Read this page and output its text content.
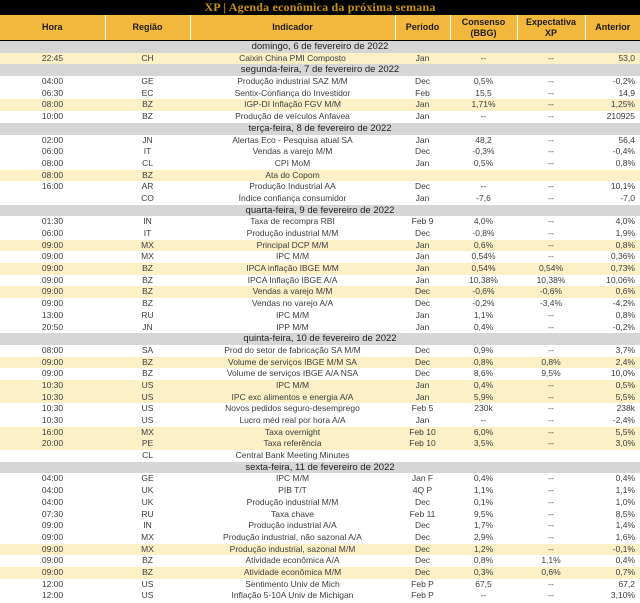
XP | Agenda econômica da próxima semana
Hora	Região	Indicador	Período	Consenso (BBG)	Expectativa XP	Anterior
domingo, 6 de fevereiro de 2022						
22:45	CH	Caixin China PMI Composto	Jan	--	--	53,0
segunda-feira, 7 de fevereiro de 2022						
04:00	GE	Produção industrial SAZ M/M	Dec	0,5%	--	-0,2%
06:30	EC	Sentix-Confiança do Investidor	Feb	15,5	--	14,9
08:00	BZ	IGP-DI Inflação FGV M/M	Jan	1,71%	--	1,25%
10:00	BZ	Produção de veículos Anfavea	Jan	--	--	210925
terça-feira, 8 de fevereiro de 2022						
02:00	JN	Alertas Eco - Pesquisa atual SA	Jan	48,2	--	56,4
06:00	IT	Vendas a varejo M/M	Dec	-0,3%	--	-0,4%
08:00	CL	CPI MoM	Jan	0,5%	--	0,8%
08:00	BZ	Ata do Copom				
16:00	AR	Produção Industrial AA	Dec	--	--	10,1%
	CO	Índice confiança consumidor	Jan	-7,6	--	-7,0
quarta-feira, 9 de fevereiro de 2022						
01:30	IN	Taxa de recompra RBI	Feb 9	4,0%	--	4,0%
06:00	IT	Produção industrial M/M	Dec	-0,8%	--	1,9%
09:00	MX	Principal DCP M/M	Jan	0,6%	--	0,8%
09:00	MX	IPC M/M	Jan	0,54%	--	0,36%
09:00	BZ	IPCA inflação IBGE M/M	Jan	0,54%	0,54%	0,73%
09:00	BZ	IPCA Inflação IBGE A/A	Jan	10,38%	10,38%	10,06%
09:00	BZ	Vendas a varejo M/M	Dec	-0,6%	-0,6%	0,6%
09:00	BZ	Vendas no varejo A/A	Dec	-0,2%	-3,4%	-4,2%
13:00	RU	IPC M/M	Jan	1,1%	--	0,8%
20:50	JN	IPP M/M	Jan	0,4%	--	-0,2%
quinta-feira, 10 de fevereiro de 2022						
08:00	SA	Prod do setor de fabricação SA M/M	Dec	0,9%	--	3,7%
09:00	BZ	Volume de serviços IBGE M/M SA	Dec	0,8%	0,8%	2,4%
09:00	BZ	Volume de serviços IBGE A/A NSA	Dec	8,6%	9,5%	10,0%
10:30	US	IPC M/M	Jan	0,4%	--	0,5%
10:30	US	IPC exc alimentos e energia A/A	Jan	5,9%	--	5,5%
10:30	US	Novos pedidos seguro-desemprego	Feb 5	230k	--	238k
10:30	US	Lucro méd real por hora A/A	Jan	--	--	-2,4%
16:00	MX	Taxa overnight	Feb 10	6,0%	--	5,5%
20:00	PE	Taxa referência	Feb 10	3,5%	--	3,0%
	CL	Central Bank Meeting Minutes				
sexta-feira, 11 de fevereiro de 2022						
04:00	GE	IPC M/M	Jan F	0,4%	--	0,4%
04:00	UK	PIB T/T	4Q P	1,1%	--	1,1%
04:00	UK	Produção industrial M/M	Dec	0,1%	--	1,0%
07:30	RU	Taxa chave	Feb 11	9,5%	--	8,5%
09:00	IN	Produção industrial A/A	Dec	1,7%	--	1,4%
09:00	MX	Produção industrial, não sazonal A/A	Dec	2,9%	--	1,6%
09:00	MX	Produção industrial, sazonal M/M	Dec	1,2%	--	-0,1%
09:00	BZ	Atividade econômica A/A	Dec	0,8%	1,1%	0,4%
09:00	BZ	Atividade econômica M/M	Dec	0,3%	0,6%	0,7%
12:00	US	Sentimento Univ de Mich	Feb P	67,5	--	67,2
12:00	US	Inflação 5-10A Univ de Michigan	Feb P	--	--	3,10%
